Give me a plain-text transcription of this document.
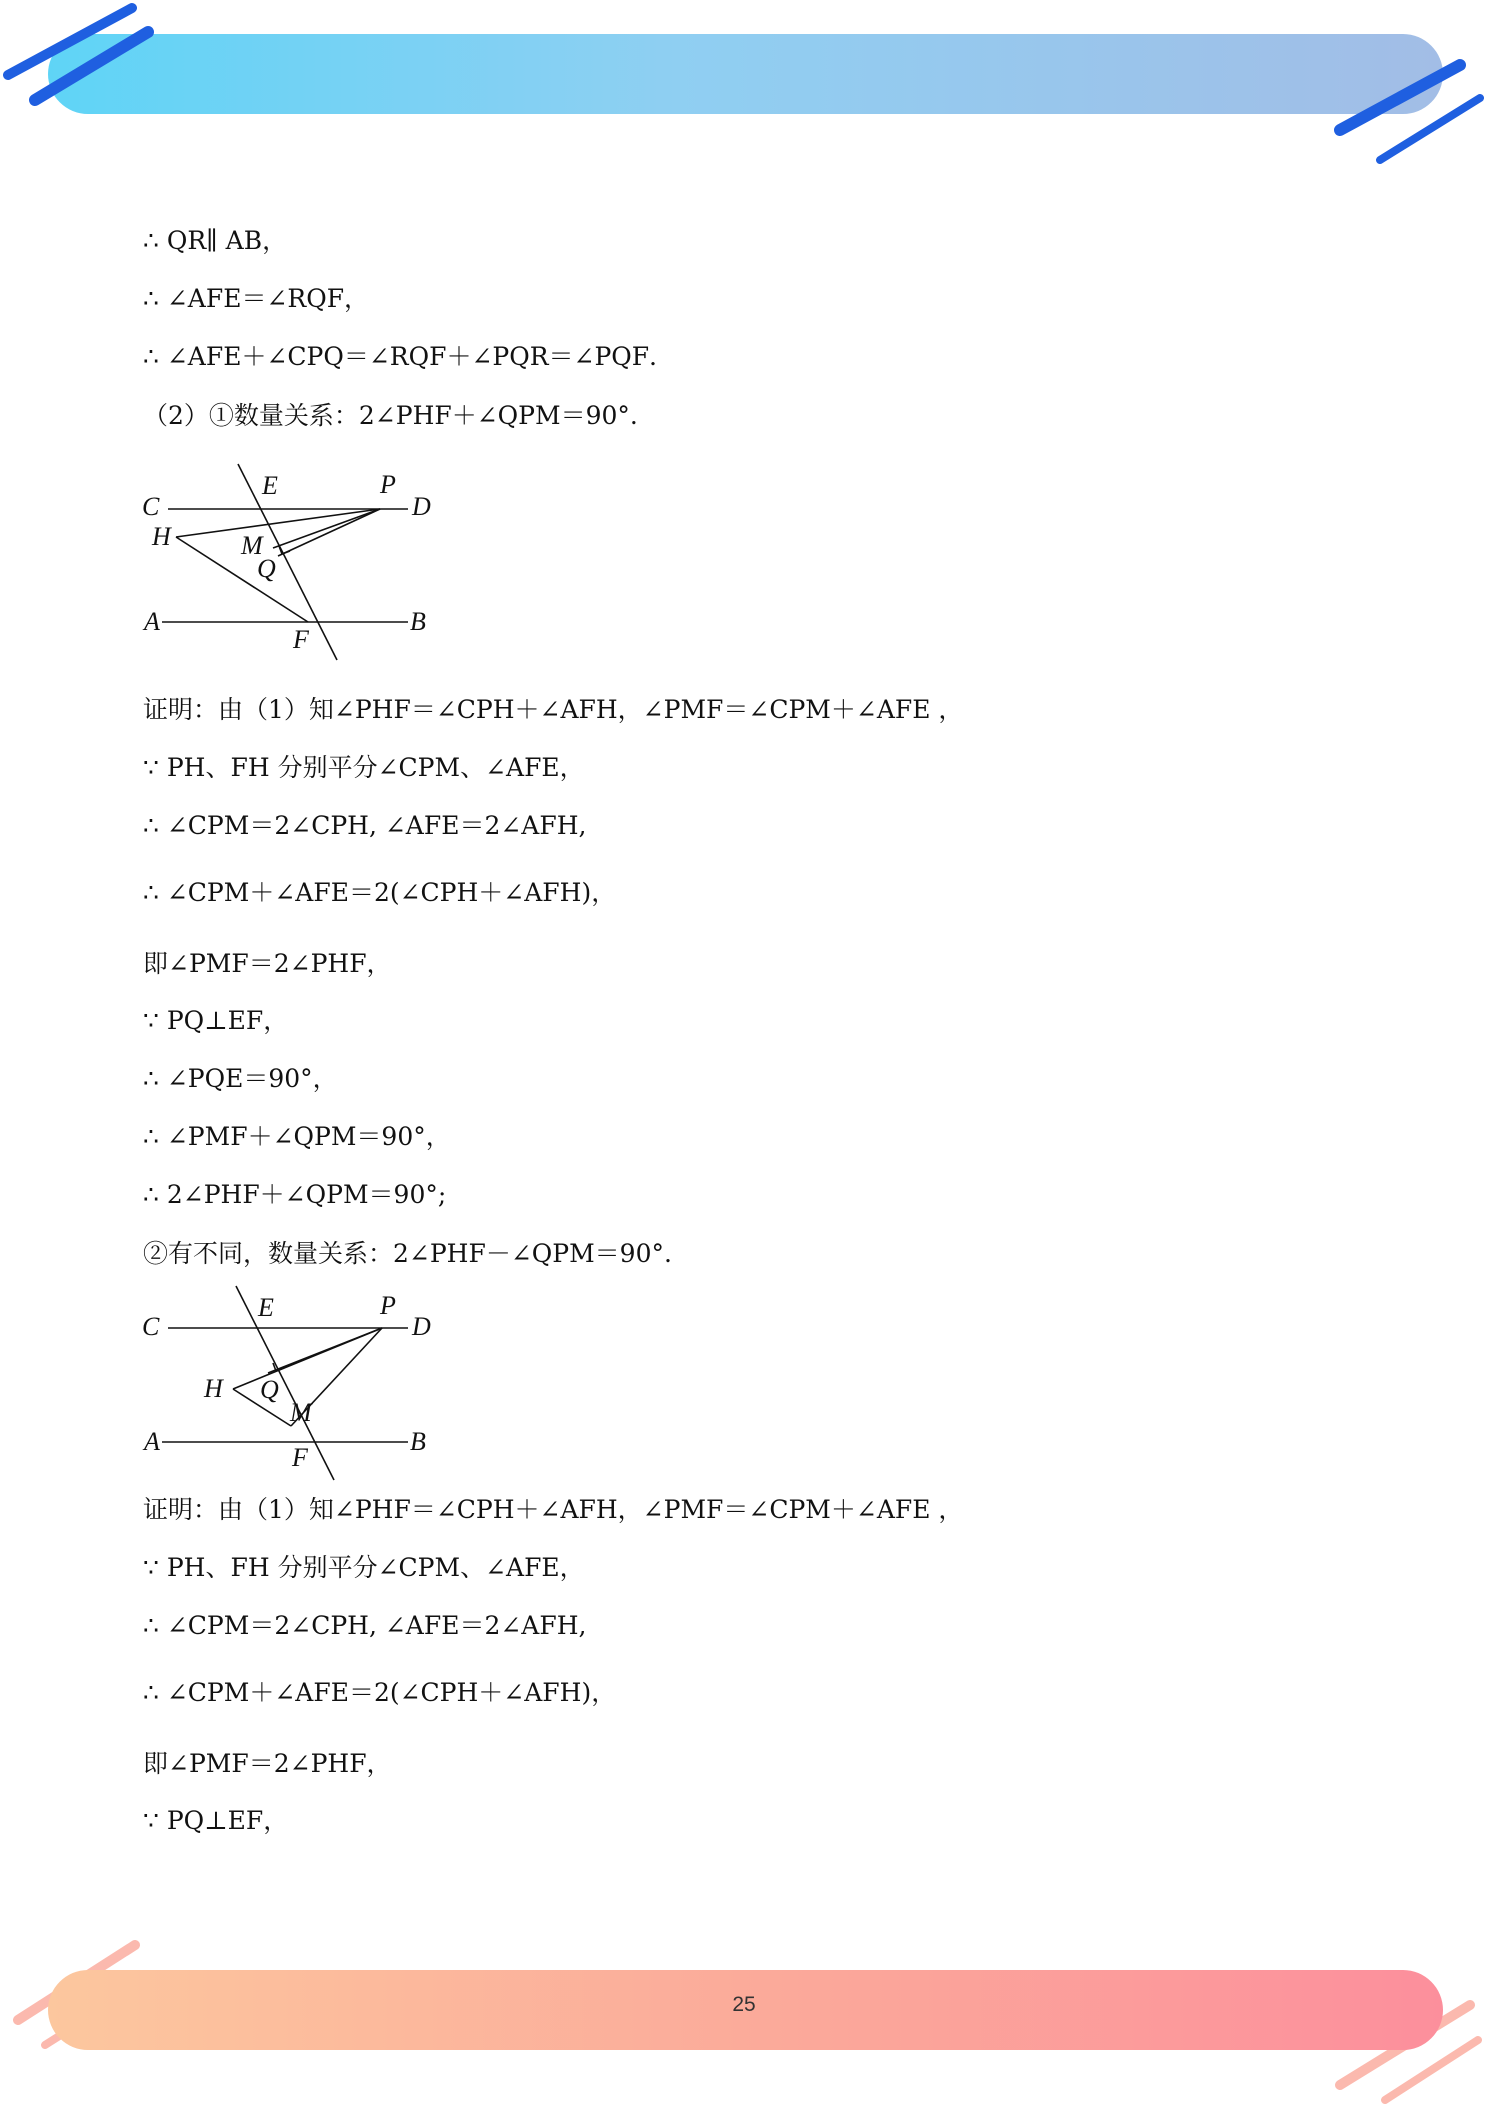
25
∴ QR∥ AB，
∴ ∠AFE＝∠RQF，
∴ ∠AFE＋∠CPQ＝∠RQF＋∠PQR＝∠PQF．
（2）①数量关系：2∠PHF＋∠QPM＝90°.
C
E	P
D
H	M
Q
A
F
B
证明：由（1）知∠PHF＝∠CPH＋∠AFH，∠PMF＝∠CPM＋∠AFE ，
∵ PH、FH 分别平分∠CPM、∠AFE，
∴ ∠CPM＝2∠CPH, ∠AFE＝2∠AFH,
∴ ∠CPM＋∠AFE＝2(∠CPH＋∠AFH)，
即∠PMF＝2∠PHF，
∵ PQ⊥EF，
∴ ∠PQE＝90°，
∴ ∠PMF＋∠QPM＝90°，
∴ 2∠PHF＋∠QPM＝90°;
②有不同，数量关系：2∠PHF－∠QPM＝90°.
C
E	P
D
H Q
M
A
F
B
证明：由（1）知∠PHF＝∠CPH＋∠AFH，∠PMF＝∠CPM＋∠AFE ，
∵ PH、FH 分别平分∠CPM、∠AFE，
∴ ∠CPM＝2∠CPH, ∠AFE＝2∠AFH,
∴ ∠CPM＋∠AFE＝2(∠CPH＋∠AFH)，
即∠PMF＝2∠PHF，
∵ PQ⊥EF，
